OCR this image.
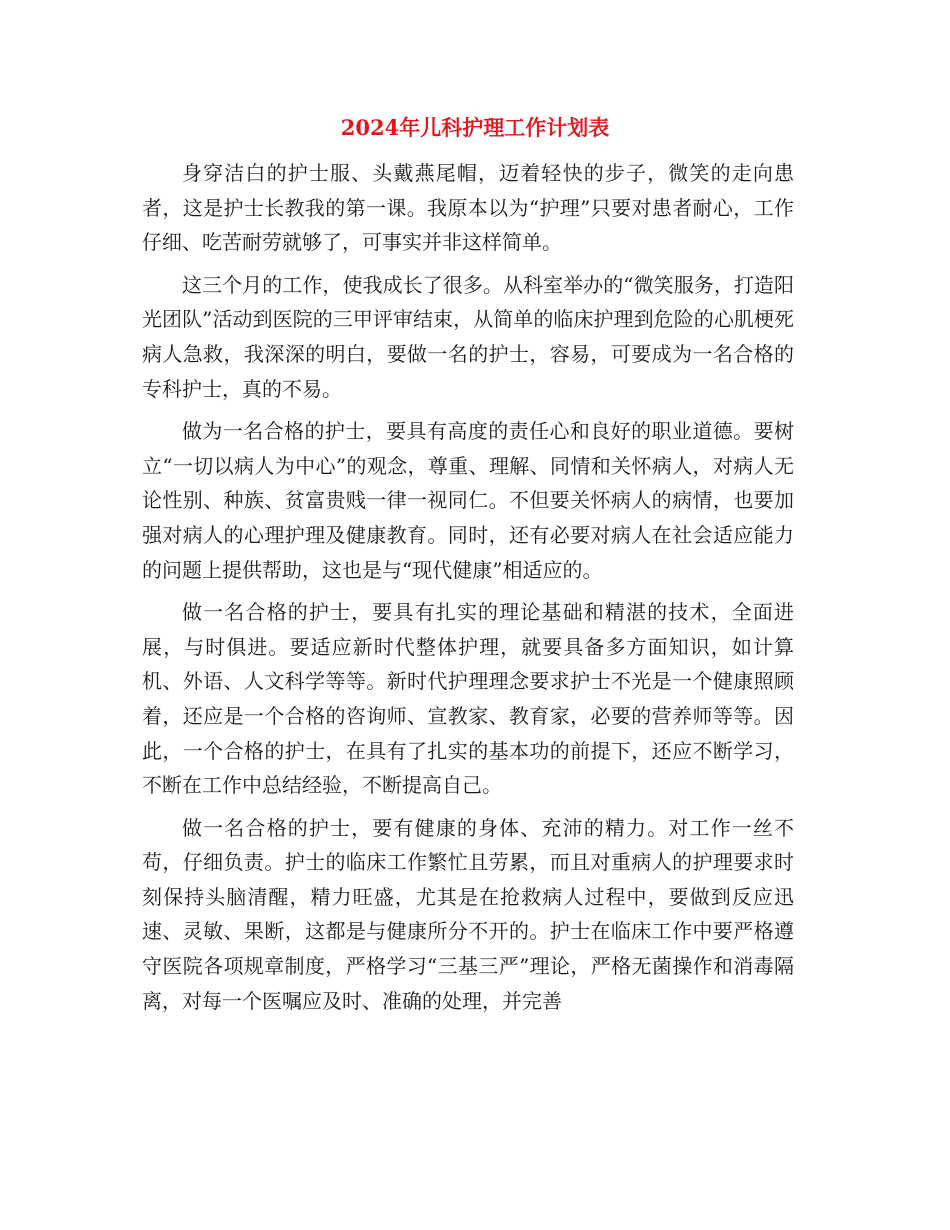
2024年儿科护理工作计划表

身穿洁白的护士服、头戴燕尾帽，迈着轻快的步子，微笑的走向患者，这是护士长教我的第一课。我原本以为“护理”只要对患者耐心，工作仔细、吃苦耐劳就够了，可事实并非这样简单。

这三个月的工作，使我成长了很多。从科室举办的“微笑服务，打造阳光团队”活动到医院的三甲评审结束，从简单的临床护理到危险的心肌梗死病人急救，我深深的明白，要做一名的护士，容易，可要成为一名合格的专科护士，真的不易。

做为一名合格的护士，要具有高度的责任心和良好的职业道德。要树立“一切以病人为中心”的观念，尊重、理解、同情和关怀病人，对病人无论性别、种族、贫富贵贱一律一视同仁。不但要关怀病人的病情，也要加强对病人的心理护理及健康教育。同时，还有必要对病人在社会适应能力的问题上提供帮助，这也是与“现代健康”相适应的。

做一名合格的护士，要具有扎实的理论基础和精湛的技术，全面进展，与时俱进。要适应新时代整体护理，就要具备多方面知识，如计算机、外语、人文科学等等。新时代护理理念要求护士不光是一个健康照顾着，还应是一个合格的咨询师、宣教家、教育家，必要的营养师等等。因此，一个合格的护士，在具有了扎实的基本功的前提下，还应不断学习，不断在工作中总结经验，不断提高自己。

做一名合格的护士，要有健康的身体、充沛的精力。对工作一丝不苟，仔细负责。护士的临床工作繁忙且劳累，而且对重病人的护理要求时刻保持头脑清醒，精力旺盛，尤其是在抢救病人过程中，要做到反应迅速、灵敏、果断，这都是与健康所分不开的。护士在临床工作中要严格遵守医院各项规章制度，严格学习“三基三严”理论，严格无菌操作和消毒隔离，对每一个医嘱应及时、准确的处理，并完善
